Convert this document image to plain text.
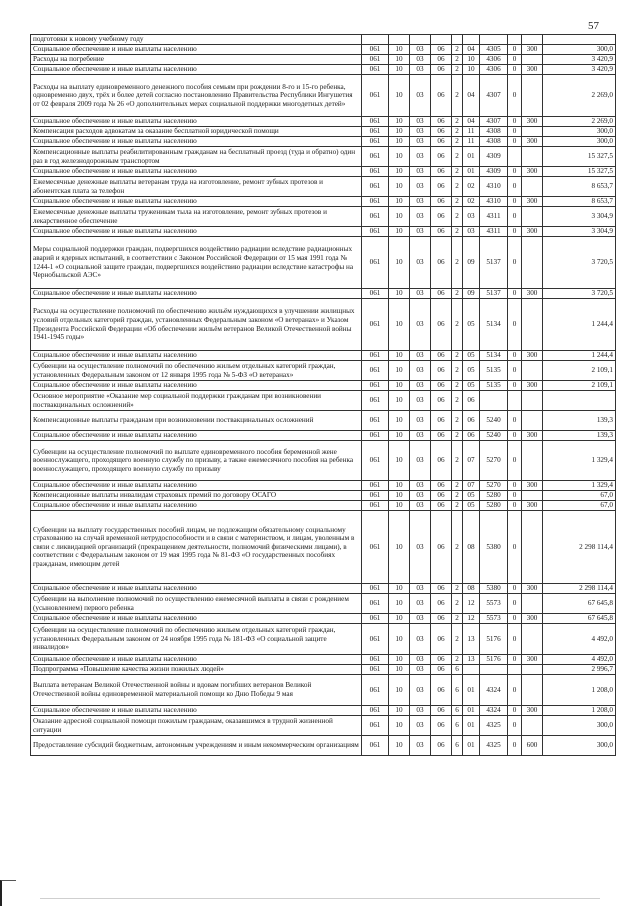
57
подготовки к новому учебному году										
Социальное обеспечение и иные выплаты населению	061	10	03	06	2	04	4305	0	300	300,0
Расходы на погребение	061	10	03	06	2	10	4306	0		3 420,9
Социальное обеспечение и иные выплаты населению	061	10	03	06	2	10	4306	0	300	3 420,9
Расходы на выплату единовременного денежного пособия семьям при рождении 8-го и 15-го ребенка, одновременно двух, трёх и более детей согласно постановлению Правительства Республики Ингушетия от 02 февраля 2009 года № 26 «О дополнительных мерах социальной поддержки многодетных детей»	061	10	03	06	2	04	4307	0		2 269,0
Социальное обеспечение и иные выплаты населению	061	10	03	06	2	04	4307	0	300	2 269,0
Компенсация расходов адвокатам за оказание бесплатной юридической помощи	061	10	03	06	2	11	4308	0		300,0
Социальное обеспечение и иные выплаты населению	061	10	03	06	2	11	4308	0	300	300,0
Компенсационные выплаты реабилитированным гражданам на бесплатный проезд (туда и обратно) один раз в год железнодорожным транспортом	061	10	03	06	2	01	4309			15 327,5
Социальное обеспечение и иные выплаты населению	061	10	03	06	2	01	4309	0	300	15 327,5
Ежемесячные денежные выплаты ветеранам труда на изготовление, ремонт зубных протезов и абонентская плата за телефон	061	10	03	06	2	02	4310	0		8 653,7
Социальное обеспечение и иные выплаты населению	061	10	03	06	2	02	4310	0	300	8 653,7
Ежемесячные денежные выплаты труженикам тыла на изготовление, ремонт зубных протезов и лекарственное обеспечение	061	10	03	06	2	03	4311	0		3 304,9
Социальное обеспечение и иные выплаты населению	061	10	03	06	2	03	4311	0	300	3 304,9
Меры социальной поддержки граждан, подвергшихся воздействию радиации вследствие радиационных аварий и ядерных испытаний, в соответствии с Законом Российской Федерации от 15 мая 1991 года № 1244-1 «О социальной защите граждан, подвергшихся воздействию радиации вследствие катастрофы на Чернобыльской АЭС»	061	10	03	06	2	09	5137	0		3 720,5
Социальное обеспечение и иные выплаты населению	061	10	03	06	2	09	5137	0	300	3 720,5
Расходы на осуществление полномочий по обеспечению жильём нуждающихся в улучшении жилищных условий отдельных категорий граждан, установленных Федеральным законом «О ветеранах» и Указом Президента Российской Федерации «Об обеспечении жильём ветеранов Великой Отечественной войны 1941-1945 годы»	061	10	03	06	2	05	5134	0		1 244,4
Социальное обеспечение и иные выплаты населению	061	10	03	06	2	05	5134	0	300	1 244,4
Субвенции на осуществление полномочий по обеспечению жильем отдельных категорий граждан, установленных Федеральным законом от 12 января 1995 года № 5-ФЗ «О ветеранах»	061	10	03	06	2	05	5135	0		2 109,1
Социальное обеспечение и иные выплаты населению	061	10	03	06	2	05	5135	0	300	2 109,1
Основное мероприятие «Оказание мер социальной поддержки гражданам при возникновении поствакцинальных осложнений»	061	10	03	06	2	06				
Компенсационные выплаты гражданам при возникновении поствакцинальных осложнений	061	10	03	06	2	06	5240	0		139,3
Социальное обеспечение и иные выплаты населению	061	10	03	06	2	06	5240	0	300	139,3
Субвенции на осуществление полномочий по выплате единовременного пособия беременной жене военнослужащего, проходящего военную службу по призыву, а также ежемесячного пособия на ребенка военнослужащего, проходящего военную службу по призыву	061	10	03	06	2	07	5270	0		1 329,4
Социальное обеспечение и иные выплаты населению	061	10	03	06	2	07	5270	0	300	1 329,4
Компенсационные выплаты инвалидам страховых премий по договору ОСАГО	061	10	03	06	2	05	5280	0		67,0
Социальное обеспечение и иные выплаты населению	061	10	03	06	2	05	5280	0	300	67,0
Субвенции на выплату государственных пособий лицам, не подлежащим обязательному социальному страхованию на случай временной нетрудоспособности и в связи с материнством, и лицам, уволенным в связи с ликвидацией организаций (прекращением деятельности, полномочий физическими лицами), в соответствии с Федеральным законом от 19 мая 1995 года № 81-ФЗ «О государственных пособиях гражданам, имеющим детей	061	10	03	06	2	08	5380	0		2 298 114,4
Социальное обеспечение и иные выплаты населению	061	10	03	06	2	08	5380	0	300	2 298 114,4
Субвенции на выполнение полномочий по осуществлению ежемесячной выплаты в связи с рождением (усыновлением) первого ребенка	061	10	03	06	2	12	5573	0		67 645,8
Социальное обеспечение и иные выплаты населению	061	10	03	06	2	12	5573	0	300	67 645,8
Субвенции на осуществление полномочий по обеспечению жильем отдельных категорий граждан, установленных Федеральным законом от 24 ноября 1995 года № 181-ФЗ «О социальной защите инвалидов»	061	10	03	06	2	13	5176	0		4 492,0
Социальное обеспечение и иные выплаты населению	061	10	03	06	2	13	5176	0	300	4 492,0
Подпрограмма «Повышение качества жизни пожилых людей»	061	10	03	06	6					2 996,7
Выплата ветеранам Великой Отечественной войны и вдовам погибших ветеранов Великой Отечественной войны единовременной материальной помощи ко Дню Победы 9 мая	061	10	03	06	6	01	4324	0		1 208,0
Социальное обеспечение и иные выплаты населению	061	10	03	06	6	01	4324	0	300	1 208,0
Оказание адресной социальной помощи пожилым гражданам, оказавшимся в трудной жизненной ситуации	061	10	03	06	6	01	4325	0		300,0
Предоставление субсидий бюджетным, автономным учреждениям и иным некоммерческим организациям	061	10	03	06	6	01	4325	0	600	300,0
